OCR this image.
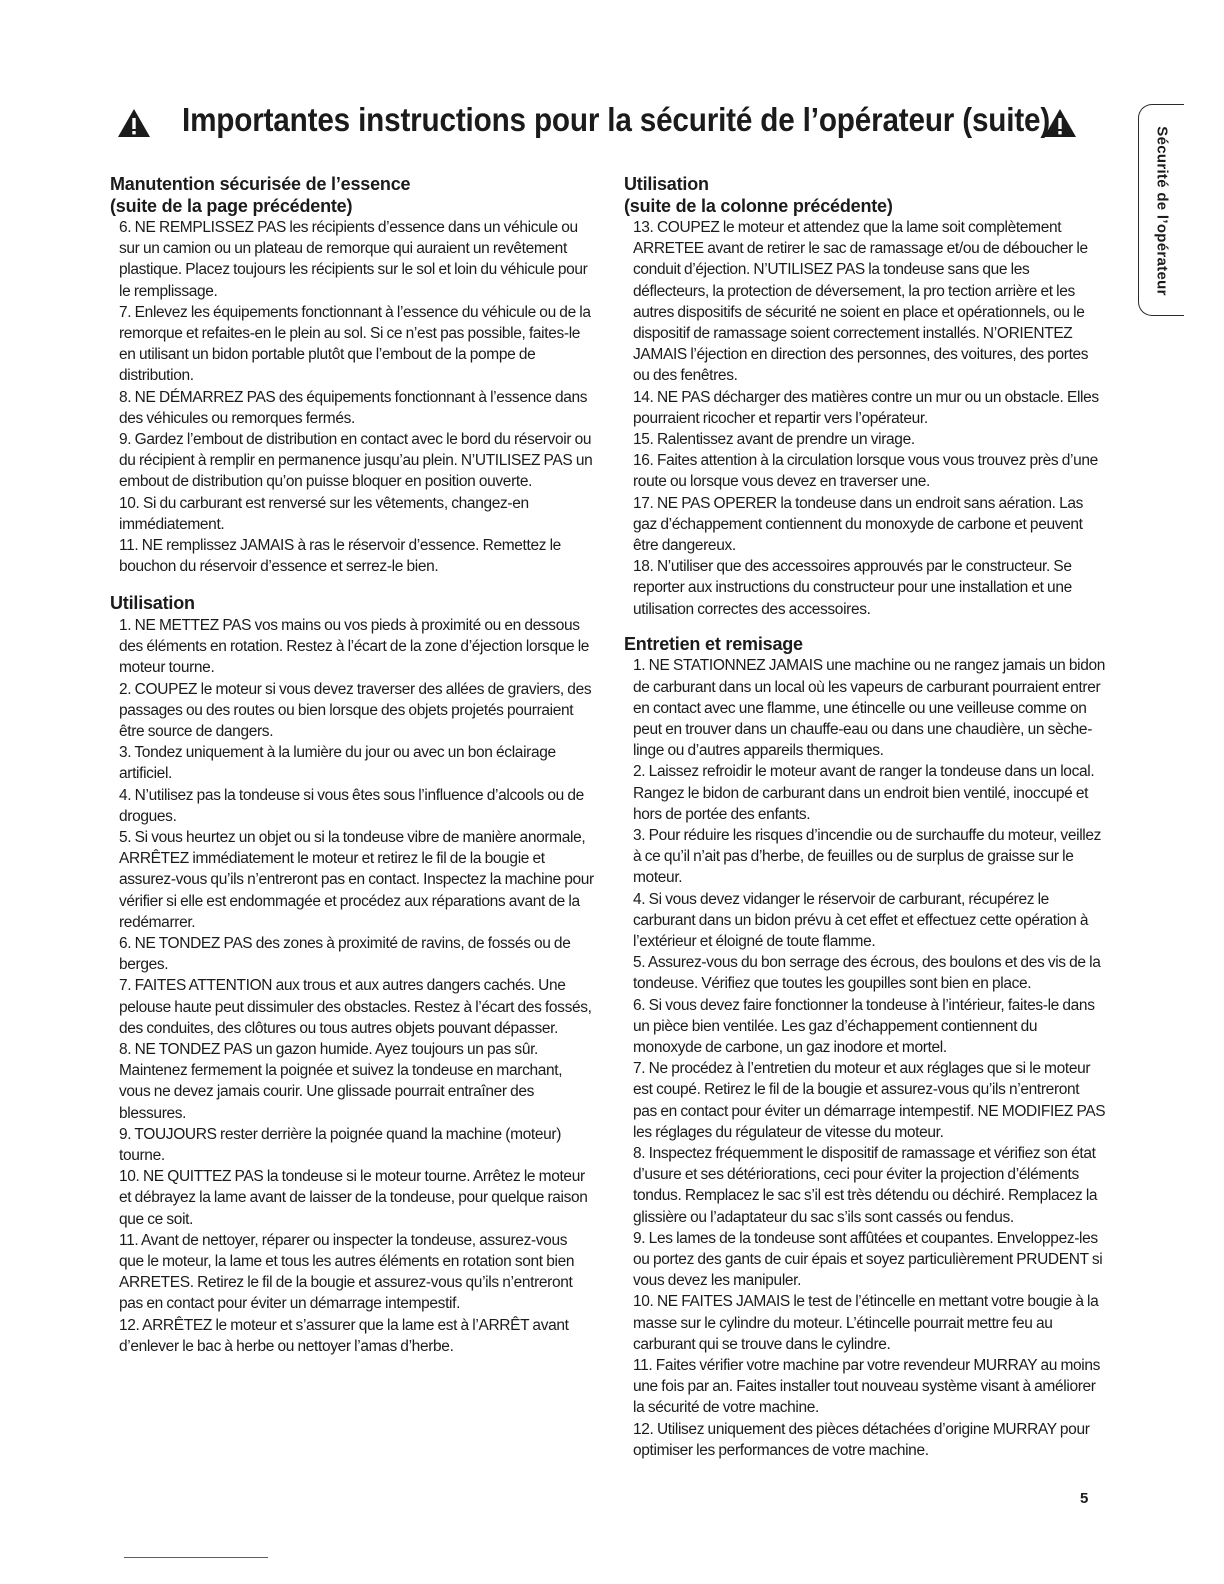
Importantes instructions pour la sécurité de l’opérateur (suite)
Sécurité de l’opérateur
Manutention sécurisée de l’essence
(suite de la page précédente)
6. NE REMPLISSEZ PAS les récipients d’essence dans un véhicule ou sur un camion ou un plateau de remorque qui auraient un revêtement plastique. Placez toujours les récipients sur le sol et loin du véhicule pour le remplissage.
7. Enlevez les équipements fonctionnant à l’essence du véhicule ou de la remorque et refaites-en le plein au sol. Si ce n’est pas possible, faites-le en utilisant un bidon portable plutôt que l’embout de la pompe de distribution.
8. NE DÉMARREZ PAS des équipements fonctionnant à l’essence dans des véhicules ou remorques fermés.
9. Gardez l’embout de distribution en contact avec le bord du réservoir ou du récipient à remplir en permanence jusqu’au plein. N’UTILISEZ PAS un embout de distribution qu’on puisse bloquer en position ouverte.
10. Si du carburant est renversé sur les vêtements, changez-en immédiatement.
11. NE remplissez JAMAIS à ras le réservoir d’essence. Remettez le bouchon du réservoir d’essence et serrez-le bien.
Utilisation
1. NE METTEZ PAS vos mains ou vos pieds à proximité ou en dessous des éléments en rotation. Restez à l’écart de la zone d’éjection lorsque le moteur tourne.
2. COUPEZ le moteur si vous devez traverser des allées de graviers, des passages ou des routes ou bien lorsque des objets projetés pourraient être source de dangers.
3. Tondez uniquement à la lumière du jour ou avec un bon éclairage artificiel.
4. N’utilisez pas la tondeuse si vous êtes sous l’influence d’alcools ou de drogues.
5. Si vous heurtez un objet ou si la tondeuse vibre de manière anormale, ARRÊTEZ immédiatement le moteur et retirez le fil de la bougie et assurez-vous qu’ils n’entreront pas en contact. Inspectez la machine pour vérifier si elle est endommagée et procédez aux réparations avant de la redémarrer.
6. NE TONDEZ PAS des zones à proximité de ravins, de fossés ou de berges.
7. FAITES ATTENTION aux trous et aux autres dangers cachés. Une pelouse haute peut dissimuler des obstacles. Restez à l’écart des fossés, des conduites, des clôtures ou tous autres objets pouvant dépasser.
8. NE TONDEZ PAS un gazon humide. Ayez toujours un pas sûr. Maintenez fermement la poignée et suivez la tondeuse en marchant, vous ne devez jamais courir. Une glissade pourrait entraîner des blessures.
9. TOUJOURS rester derrière la poignée quand la machine (moteur) tourne.
10. NE QUITTEZ PAS la tondeuse si le moteur tourne. Arrêtez le moteur et débrayez la lame avant de laisser de la tondeuse, pour quelque raison que ce soit.
11. Avant de nettoyer, réparer ou inspecter la tondeuse, assurez-vous que le moteur, la lame et tous les autres éléments en rotation sont bien ARRETES. Retirez le fil de la bougie et assurez-vous qu’ils n’entreront pas en contact pour éviter un démarrage intempestif.
12. ARRÊTEZ le moteur et s’assurer que la lame est à l’ARRÊT avant d’enlever le bac à herbe ou nettoyer l’amas d’herbe.
Utilisation
(suite de la colonne précédente)
13. COUPEZ le moteur et attendez que la lame soit complètement ARRETEE avant de retirer le sac de ramassage et/ou de déboucher le conduit d’éjection. N’UTILISEZ PAS la tondeuse sans que les déflecteurs, la protection de déversement, la pro tection arrière et les autres dispositifs de sécurité ne soient en place et opérationnels, ou le dispositif de ramassage soient correctement installés. N’ORIENTEZ JAMAIS l’éjection en direction des personnes, des voitures, des portes ou des fenêtres.
14. NE PAS décharger des matières contre un mur ou un obstacle. Elles pourraient ricocher et repartir vers l’opérateur.
15. Ralentissez avant de prendre un virage.
16. Faites attention à la circulation lorsque vous vous trouvez près d’une route ou lorsque vous devez en traverser une.
17. NE PAS OPERER la tondeuse dans un endroit sans aération. Las gaz d’échappement contiennent du monoxyde de carbone et peuvent être dangereux.
18. N’utiliser que des accessoires approuvés par le constructeur. Se reporter aux instructions du constructeur pour une installation et une utilisation correctes des accessoires.
Entretien et remisage
1. NE STATIONNEZ JAMAIS une machine ou ne rangez jamais un bidon de carburant dans un local où les vapeurs de carburant pourraient entrer en contact avec une flamme, une étincelle ou une veilleuse comme on peut en trouver dans un chauffe-eau ou dans une chaudière, un sèche-linge ou d’autres appareils thermiques.
2. Laissez refroidir le moteur avant de ranger la tondeuse dans un local. Rangez le bidon de carburant dans un endroit bien ventilé, inoccupé et hors de portée des enfants.
3. Pour réduire les risques d’incendie ou de surchauffe du moteur, veillez à ce qu’il n’ait pas d’herbe, de feuilles ou de surplus de graisse sur le moteur.
4. Si vous devez vidanger le réservoir de carburant, récupérez le carburant dans un bidon prévu à cet effet et effectuez cette opération à l’extérieur et éloigné de toute flamme.
5. Assurez-vous du bon serrage des écrous, des boulons et des vis de la tondeuse. Vérifiez que toutes les goupilles sont bien en place.
6. Si vous devez faire fonctionner la tondeuse à l’intérieur, faites-le dans un pièce bien ventilée. Les gaz d’échappement contiennent du monoxyde de carbone, un gaz inodore et mortel.
7. Ne procédez à l’entretien du moteur et aux réglages que si le moteur est coupé. Retirez le fil de la bougie et assurez-vous qu’ils n’entreront pas en contact pour éviter un démarrage intempestif. NE MODIFIEZ PAS les réglages du régulateur de vitesse du moteur.
8. Inspectez fréquemment le dispositif de ramassage et vérifiez son état d’usure et ses détériorations, ceci pour éviter la projection d’éléments tondus. Remplacez le sac s’il est très détendu ou déchiré. Remplacez la glissière ou l’adaptateur du sac s’ils sont cassés ou fendus.
9. Les lames de la tondeuse sont affûtées et coupantes. Enveloppez-les ou portez des gants de cuir épais et soyez particulièrement PRUDENT si vous devez les manipuler.
10. NE FAITES JAMAIS le test de l’étincelle en mettant votre bougie à la masse sur le cylindre du moteur. L’étincelle pourrait mettre feu au carburant qui se trouve dans le cylindre.
11. Faites vérifier votre machine par votre revendeur MURRAY au moins une fois par an. Faites installer tout nouveau système visant à améliorer la sécurité de votre machine.
12. Utilisez uniquement des pièces détachées d’origine MURRAY pour optimiser les performances de votre machine.
5
